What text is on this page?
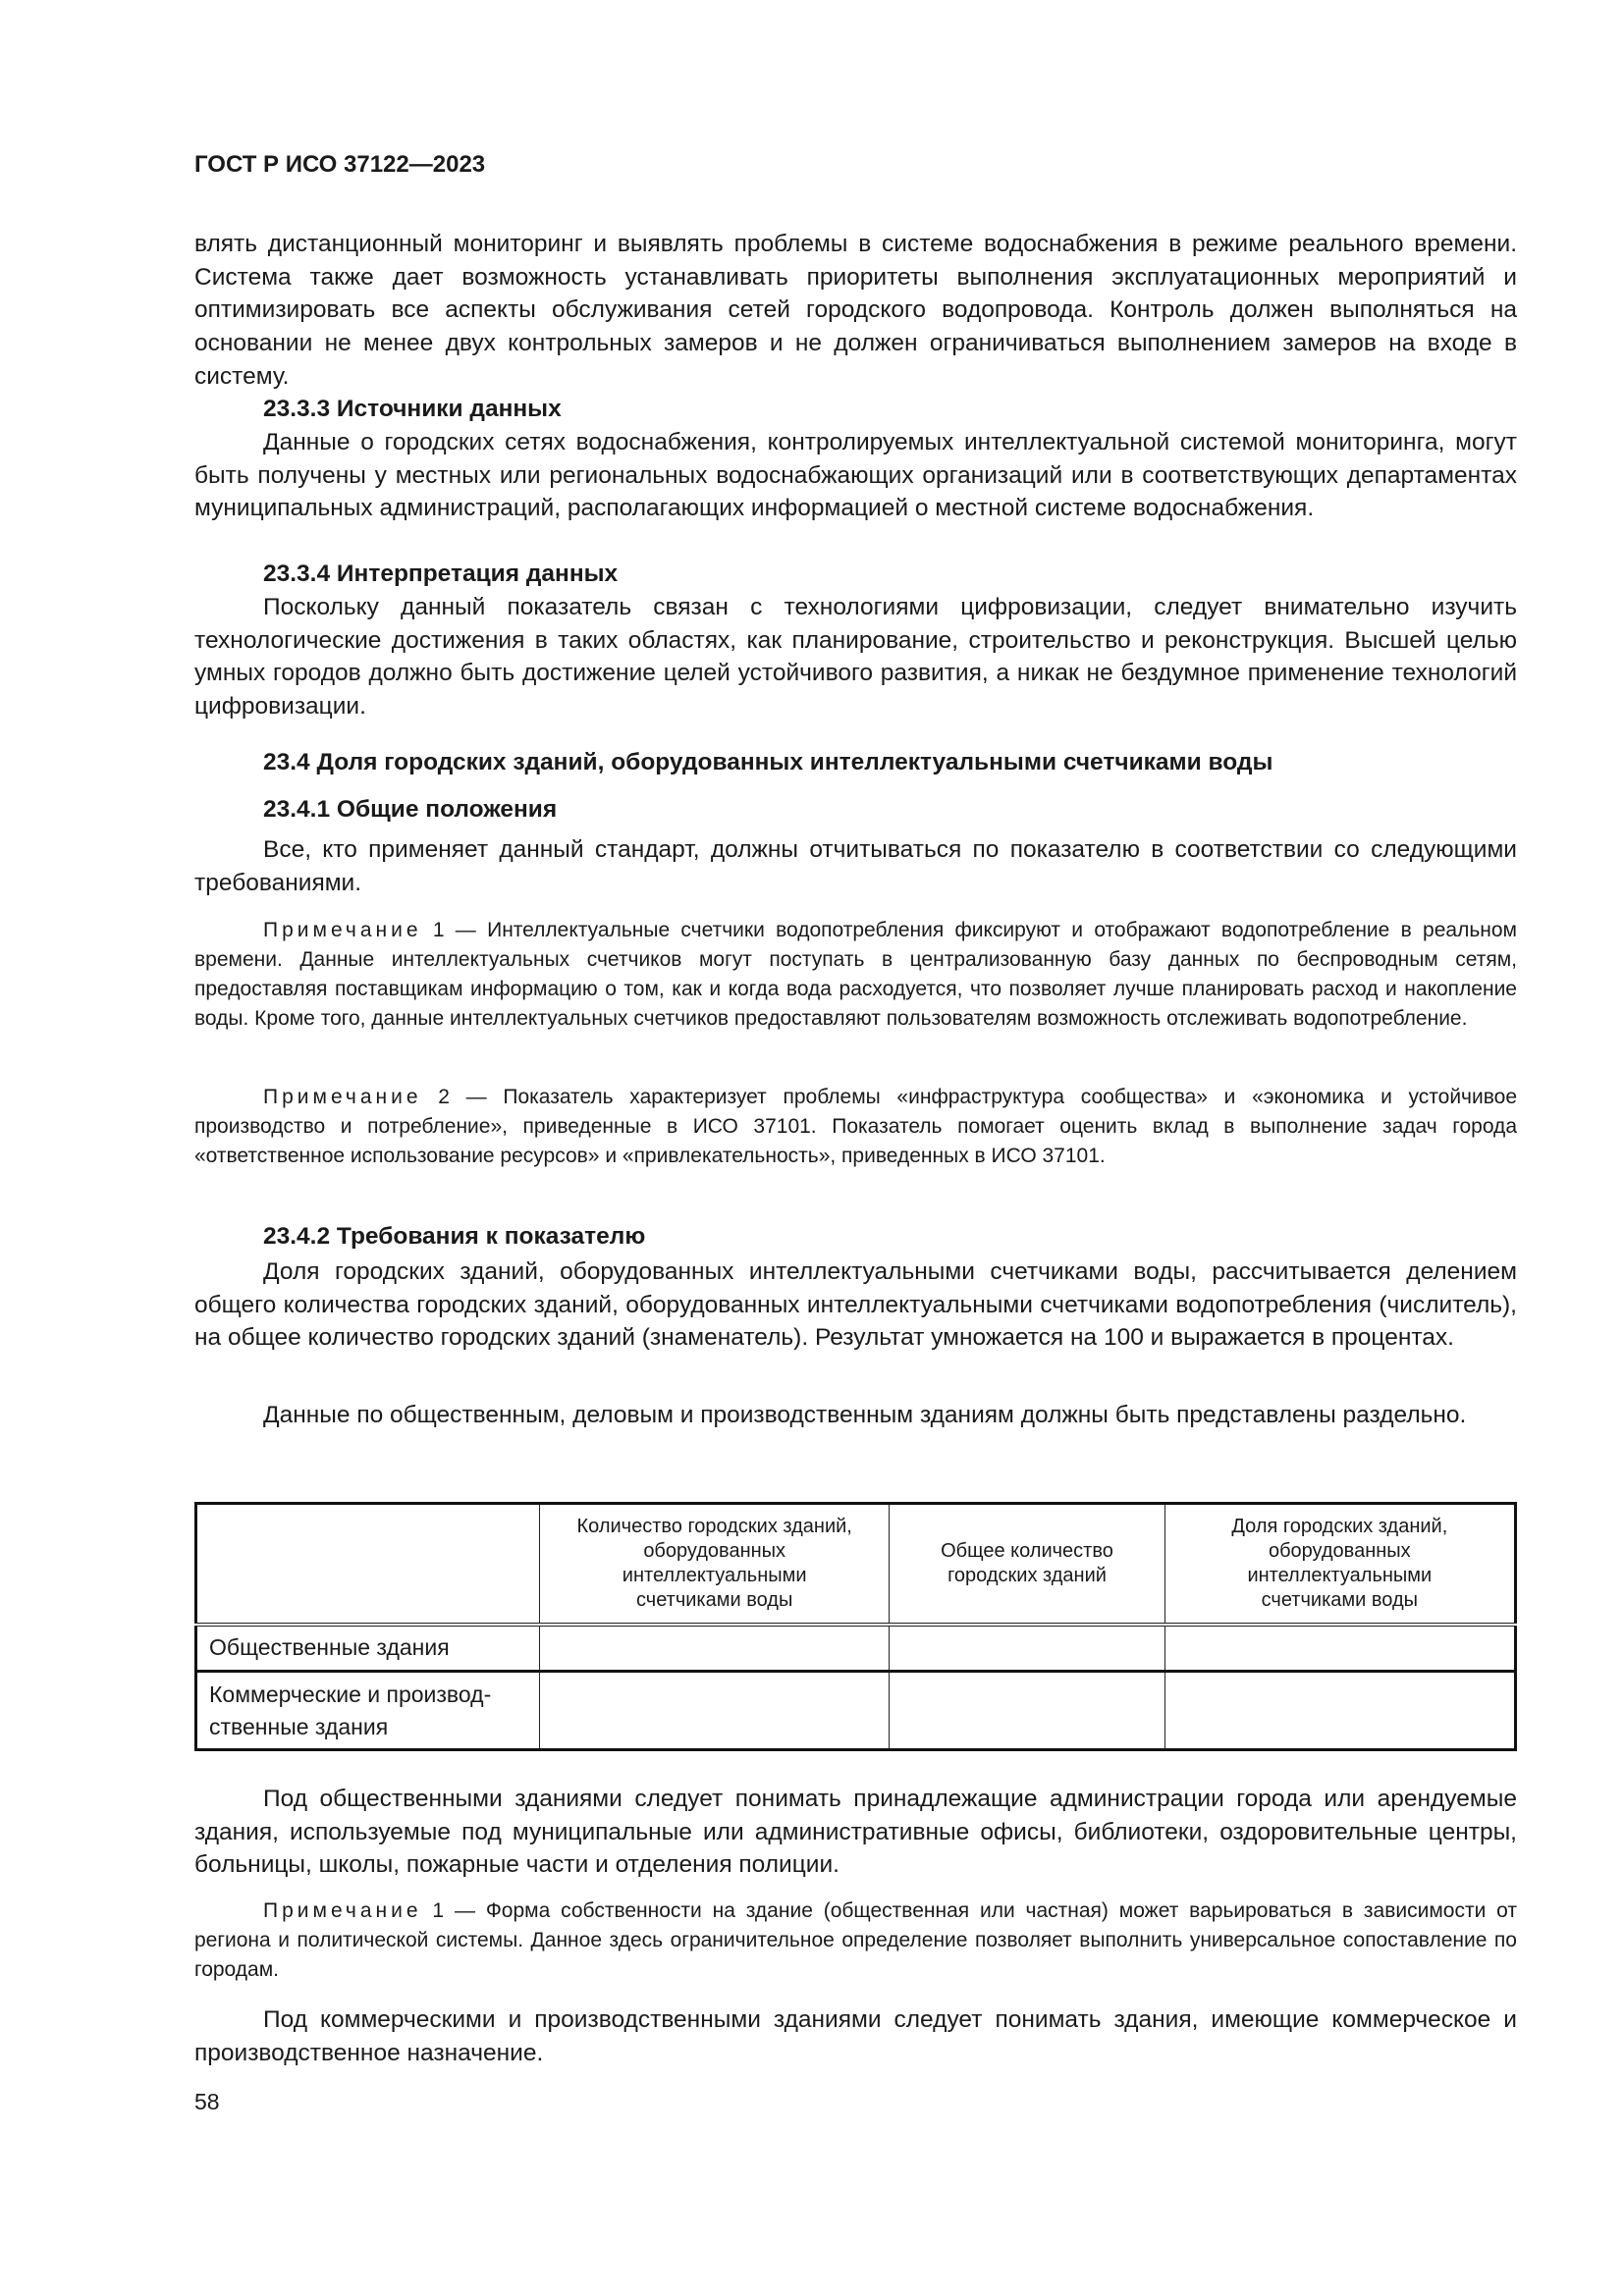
ГОСТ Р ИСО 37122—2023

влять дистанционный мониторинг и выявлять проблемы в системе водоснабжения в режиме реального времени. Система также дает возможность устанавливать приоритеты выполнения эксплуатационных мероприятий и оптимизировать все аспекты обслуживания сетей городского водопровода. Контроль должен выполняться на основании не менее двух контрольных замеров и не должен ограничиваться выполнением замеров на входе в систему.

23.3.3 Источники данных

Данные о городских сетях водоснабжения, контролируемых интеллектуальной системой мониторинга, могут быть получены у местных или региональных водоснабжающих организаций или в соответствующих департаментах муниципальных администраций, располагающих информацией о местной системе водоснабжения.

23.3.4 Интерпретация данных

Поскольку данный показатель связан с технологиями цифровизации, следует внимательно изучить технологические достижения в таких областях, как планирование, строительство и реконструкция. Высшей целью умных городов должно быть достижение целей устойчивого развития, а никак не бездумное применение технологий цифровизации.

23.4 Доля городских зданий, оборудованных интеллектуальными счетчиками воды
23.4.1 Общие положения

Все, кто применяет данный стандарт, должны отчитываться по показателю в соответствии со следующими требованиями.

Примечание 1 — Интеллектуальные счетчики водопотребления фиксируют и отображают водопотребление в реальном времени. Данные интеллектуальных счетчиков могут поступать в централизованную базу данных по беспроводным сетям, предоставляя поставщикам информацию о том, как и когда вода расходуется, что позволяет лучше планировать расход и накопление воды. Кроме того, данные интеллектуальных счетчиков предоставляют пользователям возможность отслеживать водопотребление.

Примечание 2 — Показатель характеризует проблемы «инфраструктура сообщества» и «экономика и устойчивое производство и потребление», приведенные в ИСО 37101. Показатель помогает оценить вклад в выполнение задач города «ответственное использование ресурсов» и «привлекательность», приведенных в ИСО 37101.

23.4.2 Требования к показателю

Доля городских зданий, оборудованных интеллектуальными счетчиками воды, рассчитывается делением общего количества городских зданий, оборудованных интеллектуальными счетчиками водопотребления (числитель), на общее количество городских зданий (знаменатель). Результат умножается на 100 и выражается в процентах.

Данные по общественным, деловым и производственным зданиям должны быть представлены раздельно.

	Количество городских зданий, оборудованных интеллектуальными счетчиками воды	Общее количество городских зданий	Доля городских зданий, оборудованных интеллектуальными счетчиками воды
Общественные здания			
Коммерческие и производ-ственные здания			

Под общественными зданиями следует понимать принадлежащие администрации города или арендуемые здания, используемые под муниципальные или административные офисы, библиотеки, оздоровительные центры, больницы, школы, пожарные части и отделения полиции.

Примечание 1 — Форма собственности на здание (общественная или частная) может варьироваться в зависимости от региона и политической системы. Данное здесь ограничительное определение позволяет выполнить универсальное сопоставление по городам.

Под коммерческими и производственными зданиями следует понимать здания, имеющие коммерческое и производственное назначение.

58
